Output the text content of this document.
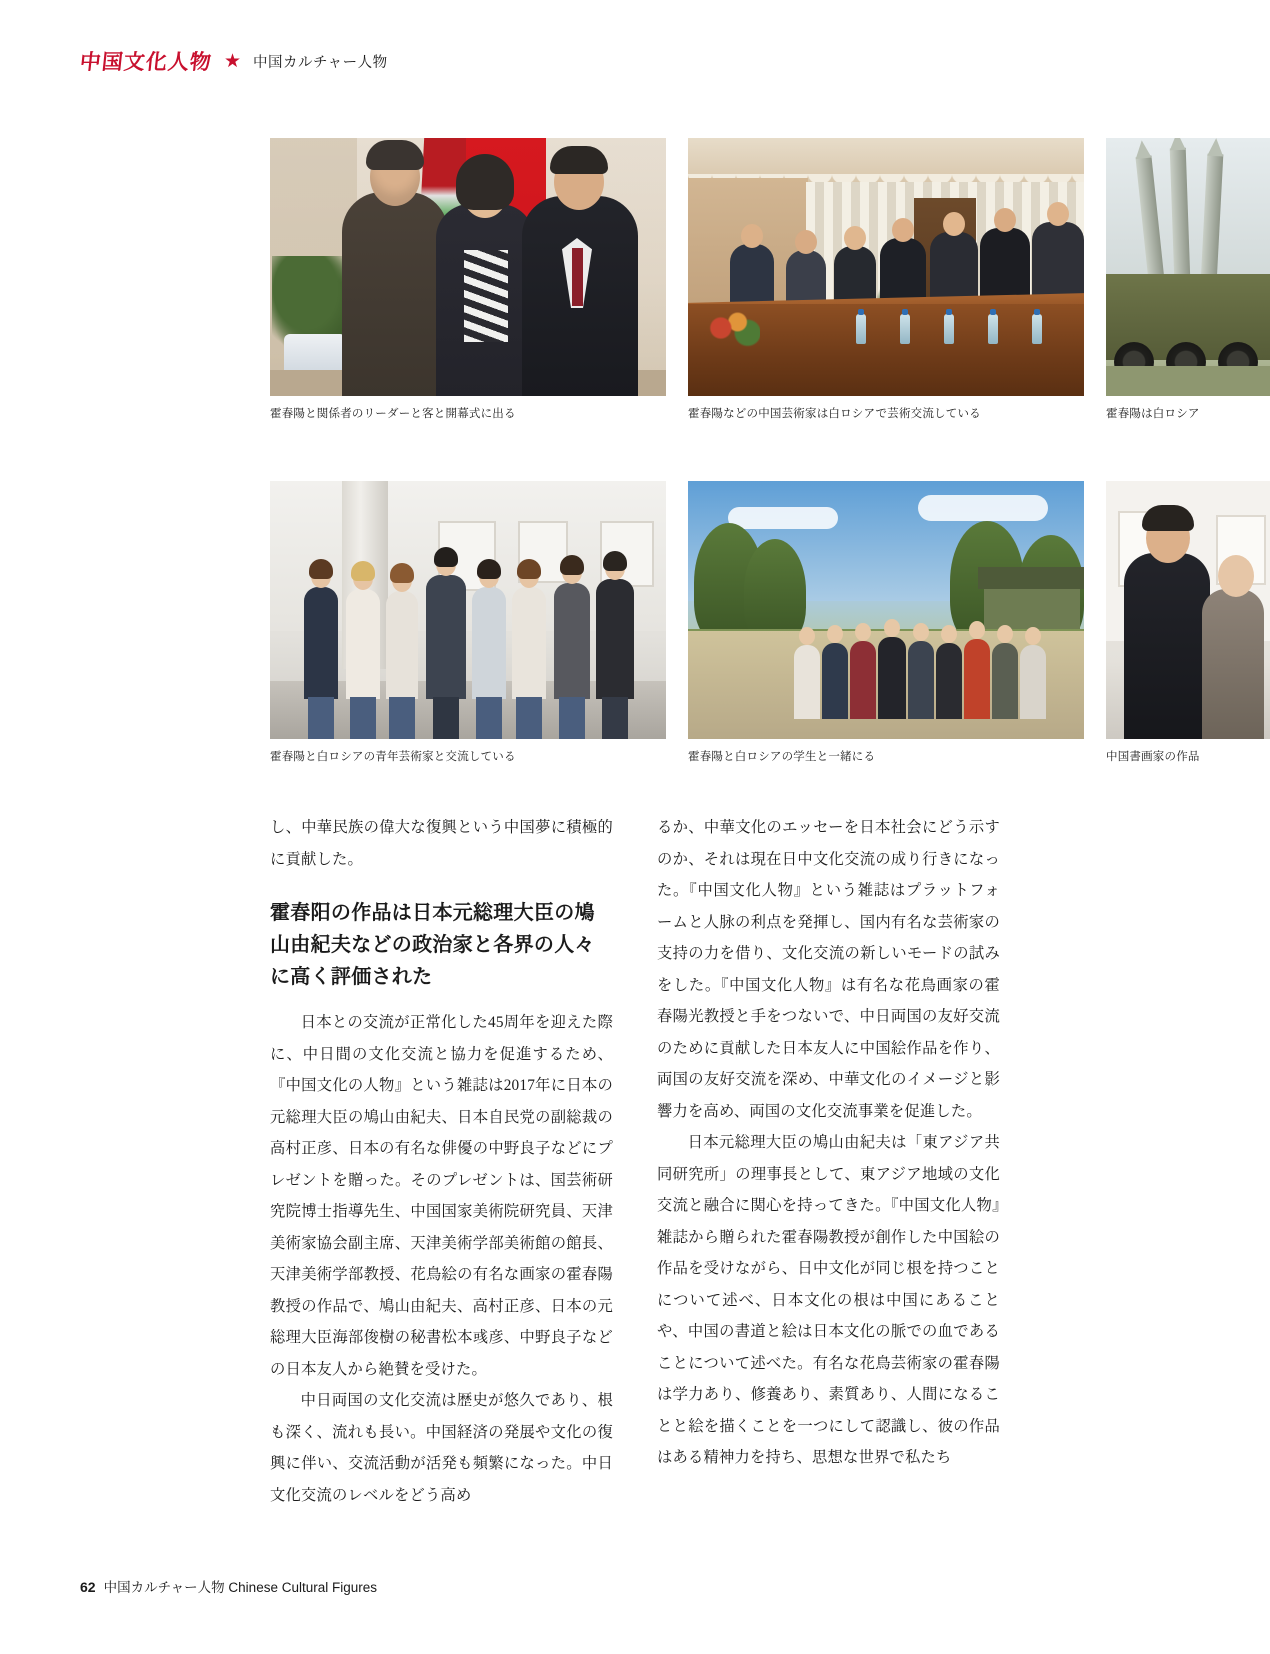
中国文化人物 ★ 中国カルチャー人物
★
霍春陽と関係者のリーダーと客と開幕式に出る	霍春陽などの中国芸術家は白ロシアで芸術交流している	霍春陽は白ロシア
霍春陽と白ロシアの青年芸術家と交流している	霍春陽と白ロシアの学生と一緒にる	中国書画家の作品

し、中華民族の偉大な復興という中国夢に積極的に貢献した。

霍春阳の作品は日本元総理大臣の鳩山由紀夫などの政治家と各界の人々に高く評価された

日本との交流が正常化した45周年を迎えた際に、中日間の文化交流と協力を促進するため、『中国文化の人物』という雑誌は2017年に日本の元総理大臣の鳩山由紀夫、日本自民党の副総裁の高村正彦、日本の有名な俳優の中野良子などにプレゼントを贈った。そのプレゼントは、国芸術研究院博士指導先生、中国国家美術院研究員、天津美術家協会副主席、天津美術学部美術館の館長、天津美術学部教授、花鳥絵の有名な画家の霍春陽教授の作品で、鳩山由紀夫、高村正彦、日本の元総理大臣海部俊樹の秘書松本彧彦、中野良子などの日本友人から絶賛を受けた。

中日両国の文化交流は歴史が悠久であり、根も深く、流れも長い。中国経済の発展や文化の復興に伴い、交流活動が活発も頻繁になった。中日文化交流のレベルをどう高め

るか、中華文化のエッセーを日本社会にどう示すのか、それは現在日中文化交流の成り行きになった。『中国文化人物』という雑誌はプラットフォームと人脉の利点を発揮し、国内有名な芸術家の支持の力を借り、文化交流の新しいモードの試みをした。『中国文化人物』は有名な花鳥画家の霍春陽光教授と手をつないで、中日両国の友好交流のために貢献した日本友人に中国絵作品を作り、両国の友好交流を深め、中華文化のイメージと影響力を高め、両国の文化交流事業を促進した。

日本元総理大臣の鳩山由紀夫は「東アジア共同研究所」の理事長として、東アジア地域の文化交流と融合に関心を持ってきた。『中国文化人物』雑誌から贈られた霍春陽教授が創作した中国絵の作品を受けながら、日中文化が同じ根を持つことについて述べ、日本文化の根は中国にあることや、中国の書道と絵は日本文化の脈での血であることについて述べた。有名な花鳥芸術家の霍春陽は学力あり、修養あり、素質あり、人間になることと絵を描くことを一つにして認識し、彼の作品はある精神力を持ち、思想な世界で私たち

62 中国カルチャー人物 Chinese Cultural Figures
